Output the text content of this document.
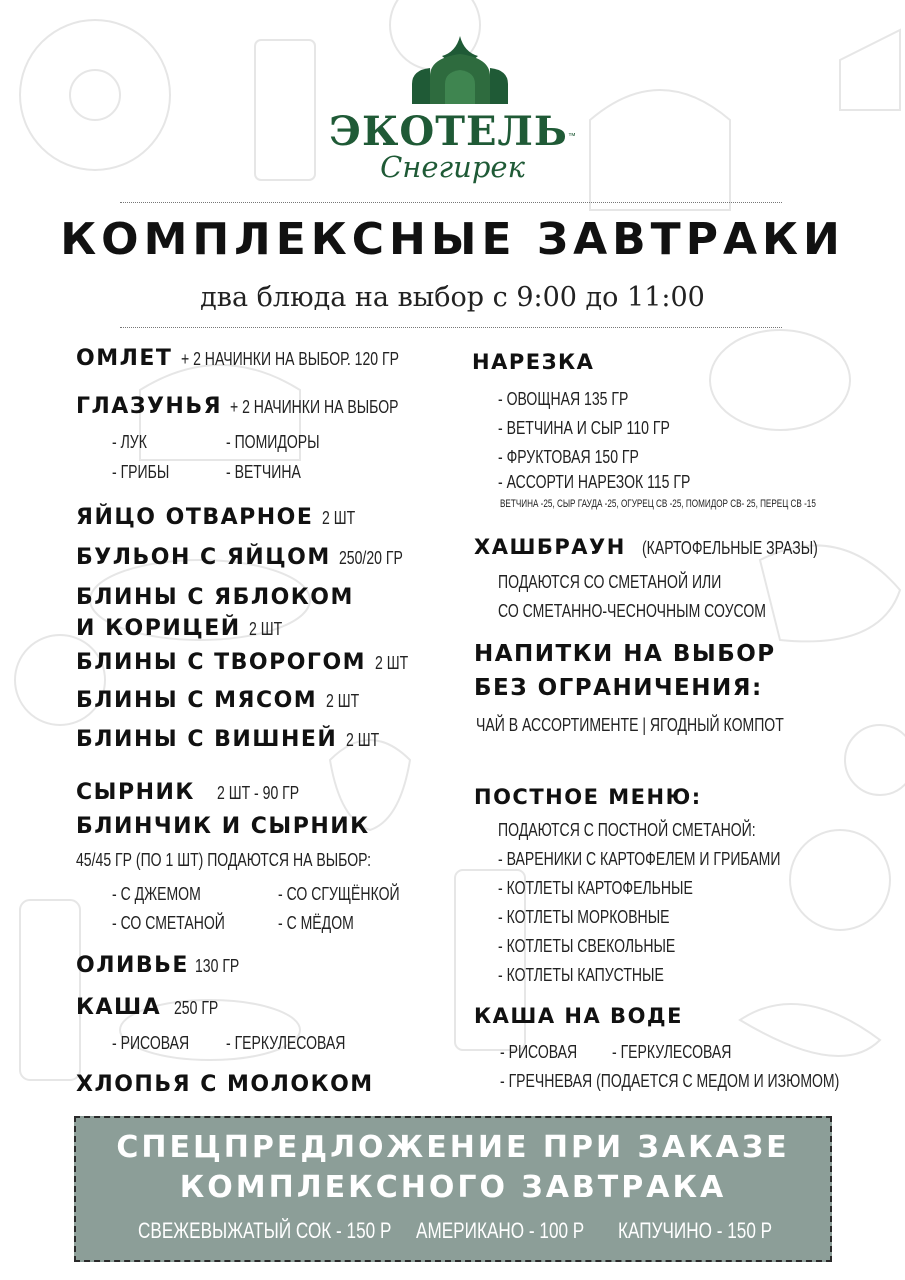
ЭКОТЕЛЬ™
Снегирек
КОМПЛЕКСНЫЕ ЗАВТРАКИ
два блюда на выбор с 9:00 до 11:00
ОМЛЕТ + 2 НАЧИНКИ НА ВЫБОР. 120 ГР
ГЛАЗУНЬЯ + 2 НАЧИНКИ НА ВЫБОР
- ЛУК	- ПОМИДОРЫ
- ГРИБЫ	- ВЕТЧИНА
ЯЙЦО ОТВАРНОЕ 2 ШТ
БУЛЬОН С ЯЙЦОМ 250/20 ГР
БЛИНЫ С ЯБЛОКОМ
И КОРИЦЕЙ 2 ШТ
БЛИНЫ С ТВОРОГОМ 2 ШТ
БЛИНЫ С МЯСОМ 2 ШТ
БЛИНЫ С ВИШНЕЙ 2 ШТ
СЫРНИК 2 ШТ - 90 ГР
БЛИНЧИК И СЫРНИК
45/45 ГР (ПО 1 ШТ) ПОДАЮТСЯ НА ВЫБОР:
- С ДЖЕМОМ	- СО СГУЩЁНКОЙ
- СО СМЕТАНОЙ	- С МЁДОМ
ОЛИВЬЕ 130 ГР
КАША 250 ГР
- РИСОВАЯ - ГЕРКУЛЕСОВАЯ
ХЛОПЬЯ С МОЛОКОМ
НАРЕЗКА
- ОВОЩНАЯ 135 ГР
- ВЕТЧИНА И СЫР 110 ГР
- ФРУКТОВАЯ 150 ГР
- АССОРТИ НАРЕЗОК 115 ГР
ВЕТЧИНА -25, СЫР ГАУДА -25, ОГУРЕЦ СВ -25, ПОМИДОР СВ- 25, ПЕРЕЦ СВ -15
ХАШБРАУН (КАРТОФЕЛЬНЫЕ ЗРАЗЫ)
ПОДАЮТСЯ СО СМЕТАНОЙ ИЛИ
СО СМЕТАННО-ЧЕСНОЧНЫМ СОУСОМ
НАПИТКИ НА ВЫБОР
БЕЗ ОГРАНИЧЕНИЯ:
ЧАЙ В АССОРТИМЕНТЕ | ЯГОДНЫЙ КОМПОТ
ПОСТНОЕ МЕНЮ:
ПОДАЮТСЯ С ПОСТНОЙ СМЕТАНОЙ:
- ВАРЕНИКИ С КАРТОФЕЛЕМ И ГРИБАМИ
- КОТЛЕТЫ КАРТОФЕЛЬНЫЕ
- КОТЛЕТЫ МОРКОВНЫЕ
- КОТЛЕТЫ СВЕКОЛЬНЫЕ
- КОТЛЕТЫ КАПУСТНЫЕ
КАША НА ВОДЕ
- РИСОВАЯ - ГЕРКУЛЕСОВАЯ
- ГРЕЧНЕВАЯ (ПОДАЕТСЯ С МЕДОМ И ИЗЮМОМ)
СПЕЦПРЕДЛОЖЕНИЕ ПРИ ЗАКАЗЕ
КОМПЛЕКСНОГО ЗАВТРАКА
СВЕЖЕВЫЖАТЫЙ СОК - 150 Р АМЕРИКАНО - 100 Р КАПУЧИНО - 150 Р
